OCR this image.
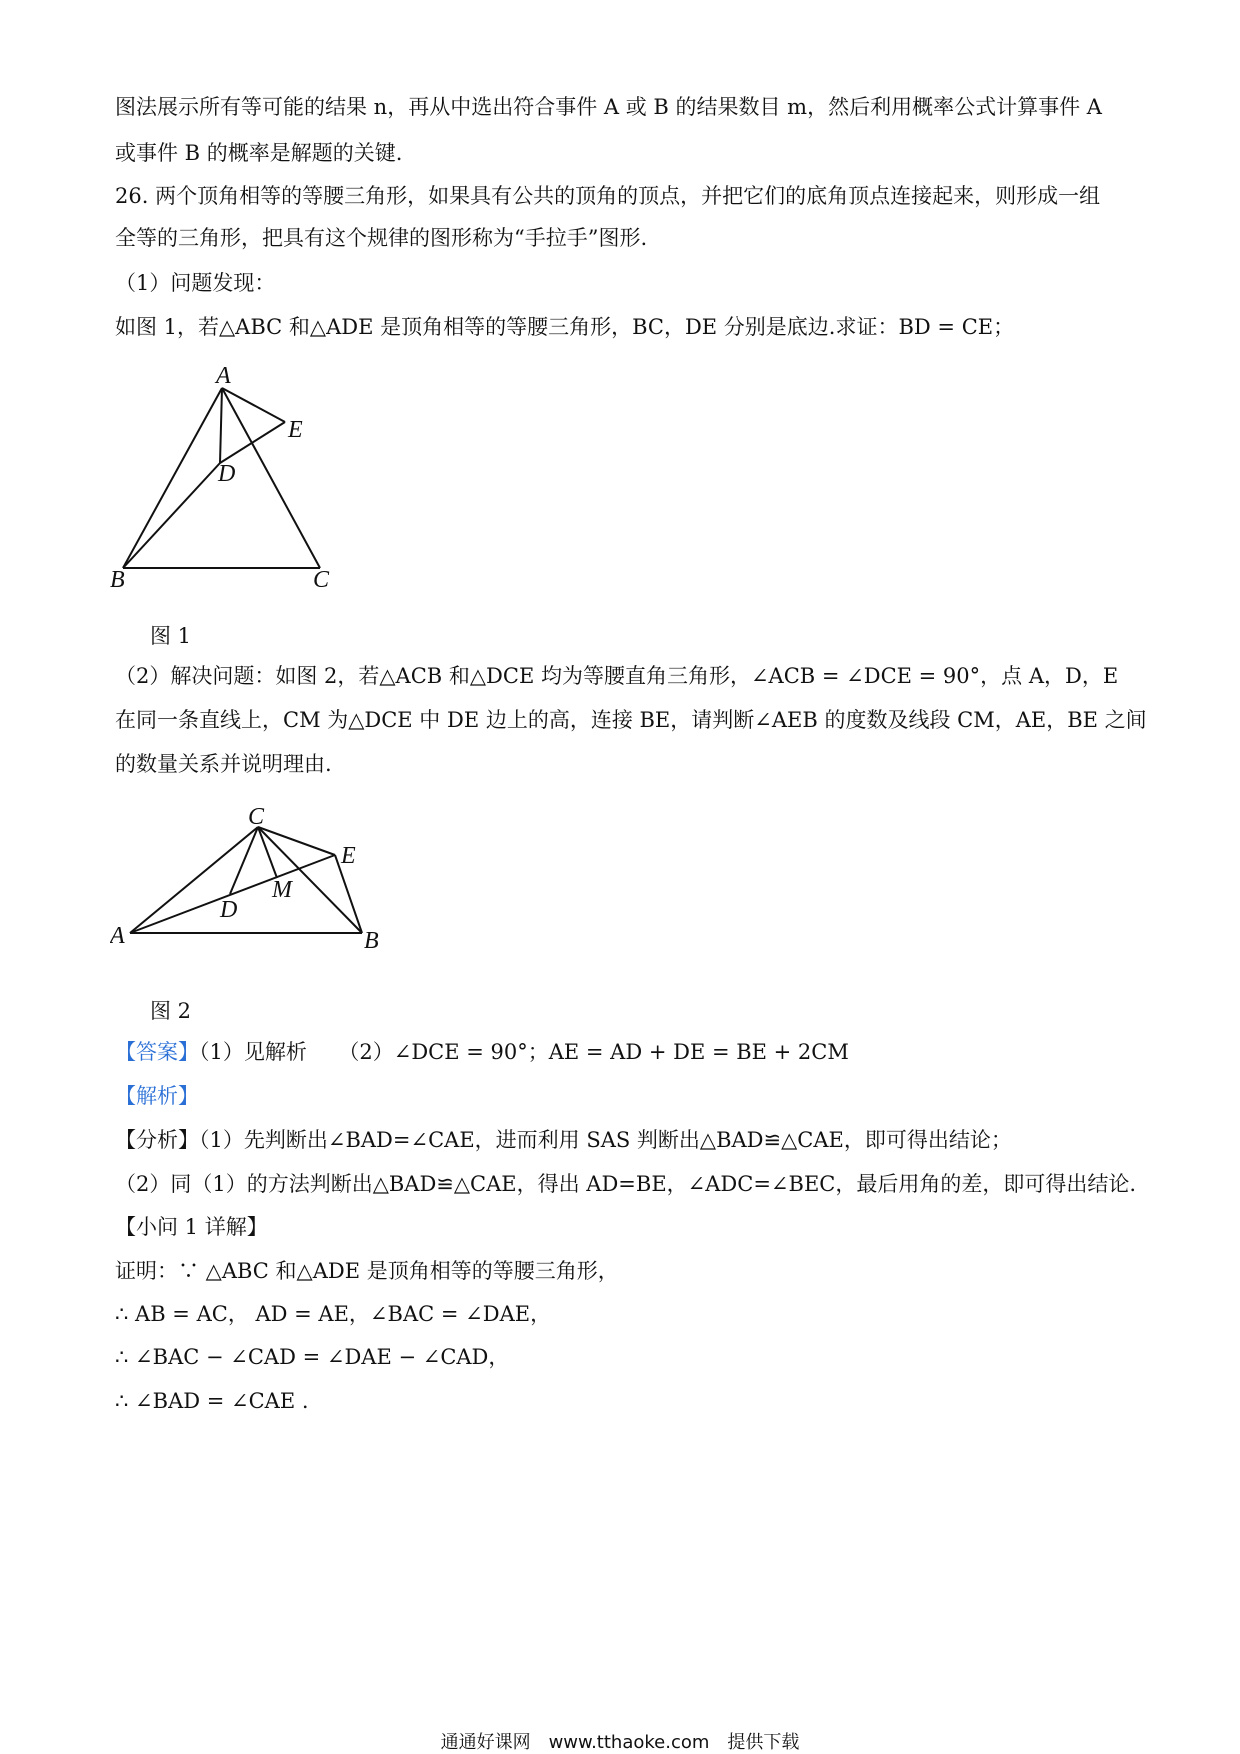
图法展示所有等可能的结果 n，再从中选出符合事件 A 或 B 的结果数目 m，然后利用概率公式计算事件 A
或事件 B 的概率是解题的关键.
26. 两个顶角相等的等腰三角形，如果具有公共的顶角的顶点，并把它们的底角顶点连接起来，则形成一组
全等的三角形，把具有这个规律的图形称为“手拉手”图形.
（1）问题发现：
如图 1，若△ABC 和△ADE 是顶角相等的等腰三角形，BC，DE 分别是底边.求证：BD = CE；
A
E
D
B	C
图 1
（2）解决问题：如图 2，若△ACB 和△DCE 均为等腰直角三角形，∠ACB = ∠DCE = 90°，点 A，D，E
在同一条直线上，CM 为△DCE 中 DE 边上的高，连接 BE，请判断∠AEB 的度数及线段 CM，AE，BE 之间
的数量关系并说明理由.
C
E
M
D
A	B
图 2
【答案】（1）见解析　　（2）∠DCE = 90°；AE = AD + DE = BE + 2CM
【解析】
【分析】（1）先判断出∠BAD=∠CAE，进而利用 SAS 判断出△BAD≌△CAE，即可得出结论；
（2）同（1）的方法判断出△BAD≌△CAE，得出 AD=BE，∠ADC=∠BEC，最后用角的差，即可得出结论.
【小问 1 详解】
证明：∵ △ABC 和△ADE 是顶角相等的等腰三角形，
∴ AB = AC， AD = AE，∠BAC = ∠DAE，
∴ ∠BAC − ∠CAD = ∠DAE − ∠CAD，
∴ ∠BAD = ∠CAE .
通通好课网　www.tthaoke.com　提供下载
